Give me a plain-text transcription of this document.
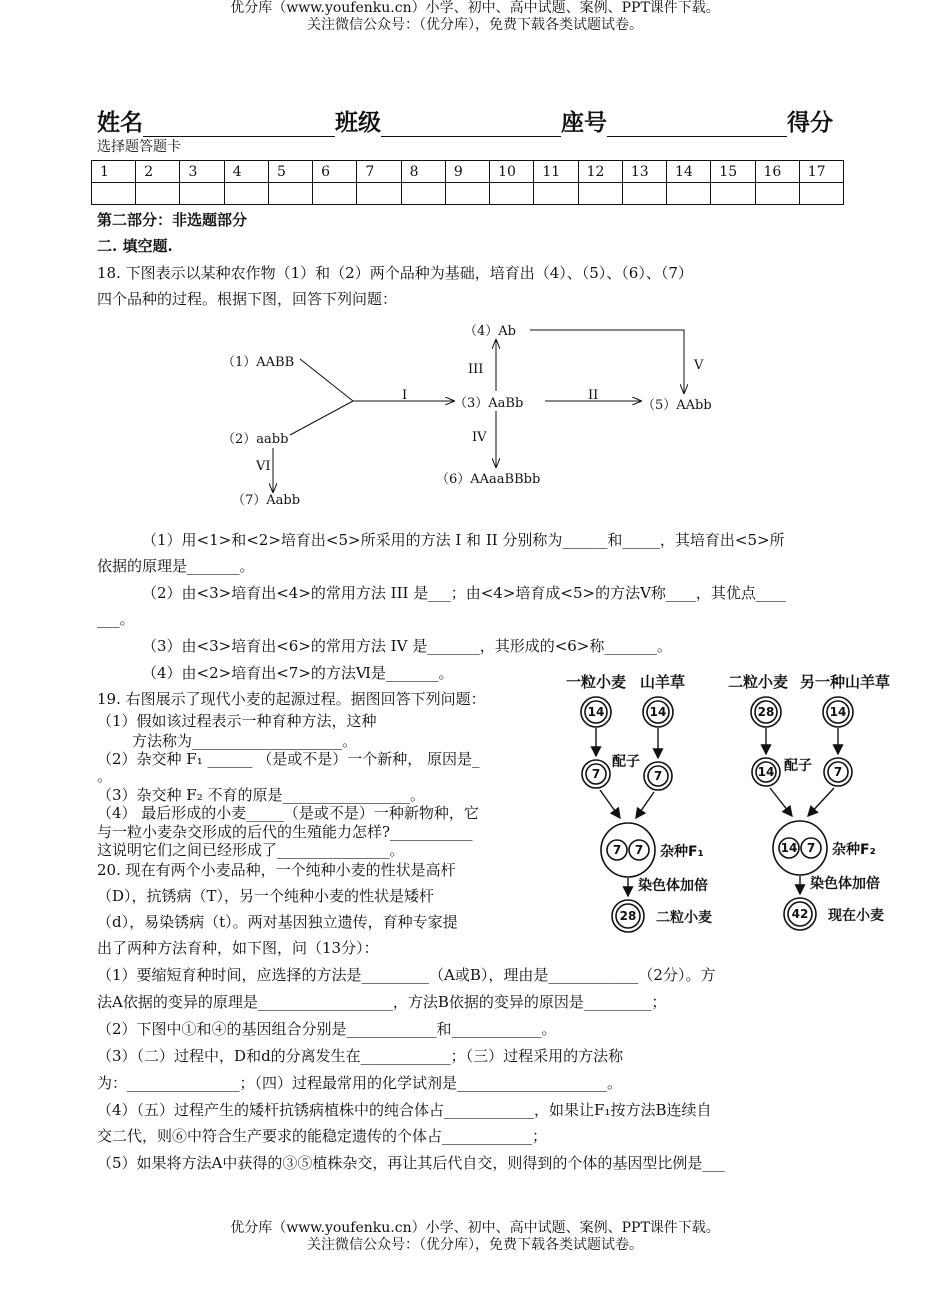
优分库（www.youfenku.cn）小学、初中、高中试题、案例、PPT课件下载。
关注微信公众号：（优分库），免费下载各类试题试卷。
姓名	班级	座号	得分
选择题答题卡
1	2	3	4	5	6	7	8	9	10	11	12	13	14	15	16	17

第二部分：非选题部分
二. 填空题.
18. 下图表示以某种农作物（1）和（2）两个品种为基础，培育出（4）、（5）、（6）、（7）
四个品种的过程。根据下图，回答下列问题：
（1）AABB
（2）aabb
（4）Ab
（3）AaBb	（5）AAbb
（6）AAaaBBbb
（7）Aabb
I	II
III
IV
V
VI
（1）用<1>和<2>培育出<5>所采用的方法 I 和 II 分别称为______和_____，其培育出<5>所
依据的原理是_______。
（2）由<3>培育出<4>的常用方法 III 是___；由<4>培育成<5>的方法Ⅴ称____，其优点____
___。
（3）由<3>培育出<6>的常用方法 IV 是_______，其形成的<6>称_______。
（4）由<2>培育出<7>的方法Ⅵ是_______。
19. 右图展示了现代小麦的起源过程。据图回答下列问题：
（1）假如该过程表示一种育种方法，这种
方法称为____________________。
（2）杂交种 F₁ ______ （是或不是）一个新种， 原因是_
。
（3）杂交种 F₂ 不育的原是_________________。
（4） 最后形成的小麦_____（是或不是）一种新物种，它
与一粒小麦杂交形成的后代的生殖能力怎样?___________
这说明它们之间已经形成了_______________。
一粒小麦 山羊草	二粒小麦 另一种山羊草
14	14	28	14
7	7	14	7
7 7	14 7
28	42
配子	配子
杂种F₁	杂种F₂
染色体加倍	染色体加倍
二粒小麦	现在小麦
20. 现在有两个小麦品种，一个纯种小麦的性状是高杆
（D），抗锈病（T），另一个纯种小麦的性状是矮杆
（d），易染锈病（t）。两对基因独立遗传，育种专家提
出了两种方法育种，如下图，问（13分）：
（1）要缩短育种时间，应选择的方法是_________（A或B），理由是____________（2分）。方
法A依据的变异的原理是__________________，方法B依据的变异的原因是_________；
（2）下图中①和④的基因组合分别是____________和____________。
（3）（二）过程中，D和d的分离发生在____________；（三）过程采用的方法称
为：_______________；（四）过程最常用的化学试剂是____________________。
（4）（五）过程产生的矮杆抗锈病植株中的纯合体占____________，如果让F₁按方法B连续自
交二代，则⑥中符合生产要求的能稳定遗传的个体占____________；
（5）如果将方法A中获得的③⑤植株杂交，再让其后代自交，则得到的个体的基因型比例是___
优分库（www.youfenku.cn）小学、初中、高中试题、案例、PPT课件下载。
关注微信公众号：（优分库），免费下载各类试题试卷。
